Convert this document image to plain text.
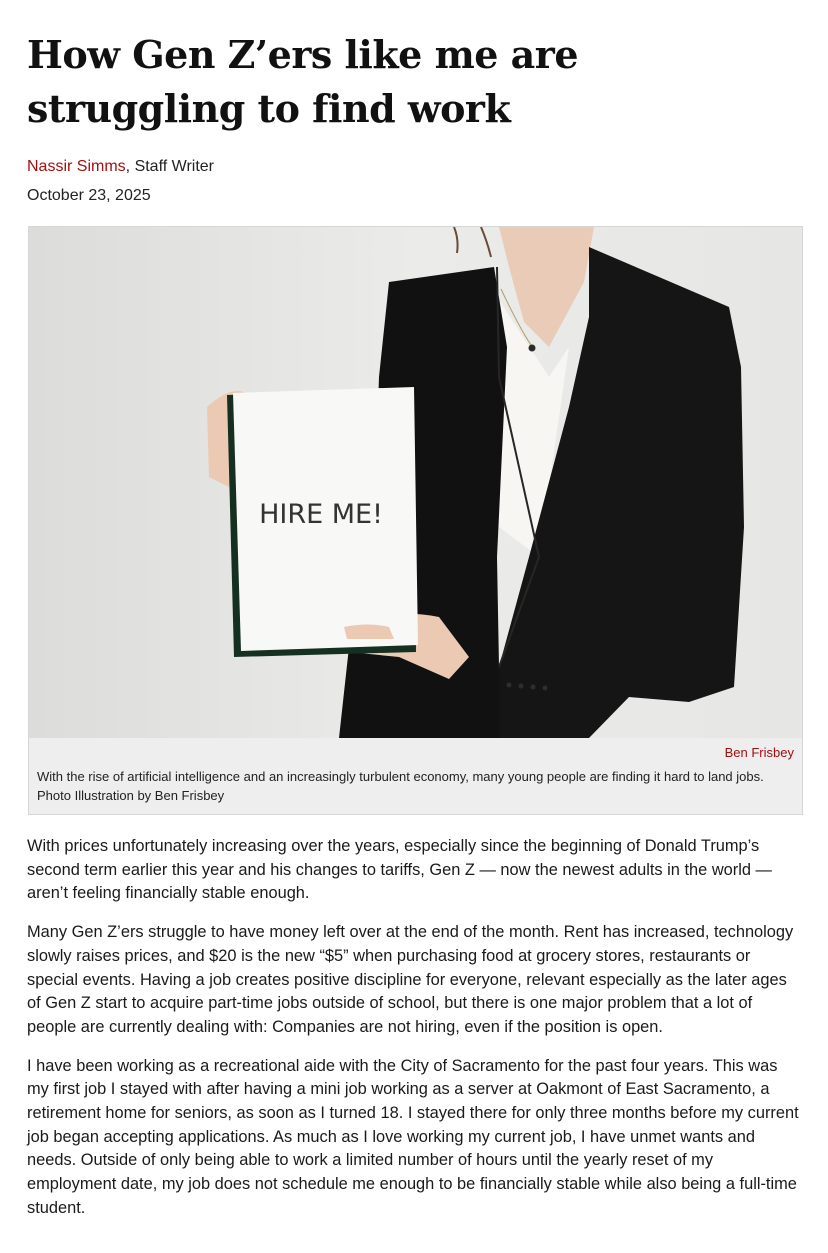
How Gen Z’ers like me are struggling to find work
Nassir Simms, Staff Writer
October 23, 2025
HIRE ME!
Ben Frisbey
With the rise of artificial intelligence and an increasingly turbulent economy, many young people are finding it hard to land jobs. Photo Illustration by Ben Frisbey

With prices unfortunately increasing over the years, especially since the beginning of Donald Trump’s second term earlier this year and his changes to tariffs, Gen Z — now the newest adults in the world — aren’t feeling financially stable enough.

Many Gen Z’ers struggle to have money left over at the end of the month. Rent has increased, technology slowly raises prices, and $20 is the new “$5” when purchasing food at grocery stores, restaurants or special events. Having a job creates positive discipline for everyone, relevant especially as the later ages of Gen Z start to acquire part-time jobs outside of school, but there is one major problem that a lot of people are currently dealing with: Companies are not hiring, even if the position is open.

I have been working as a recreational aide with the City of Sacramento for the past four years. This was my first job I stayed with after having a mini job working as a server at Oakmont of East Sacramento, a retirement home for seniors, as soon as I turned 18. I stayed there for only three months before my current job began accepting applications. As much as I love working my current job, I have unmet wants and needs. Outside of only being able to work a limited number of hours until the yearly reset of my employment date, my job does not schedule me enough to be financially stable while also being a full-time student.
